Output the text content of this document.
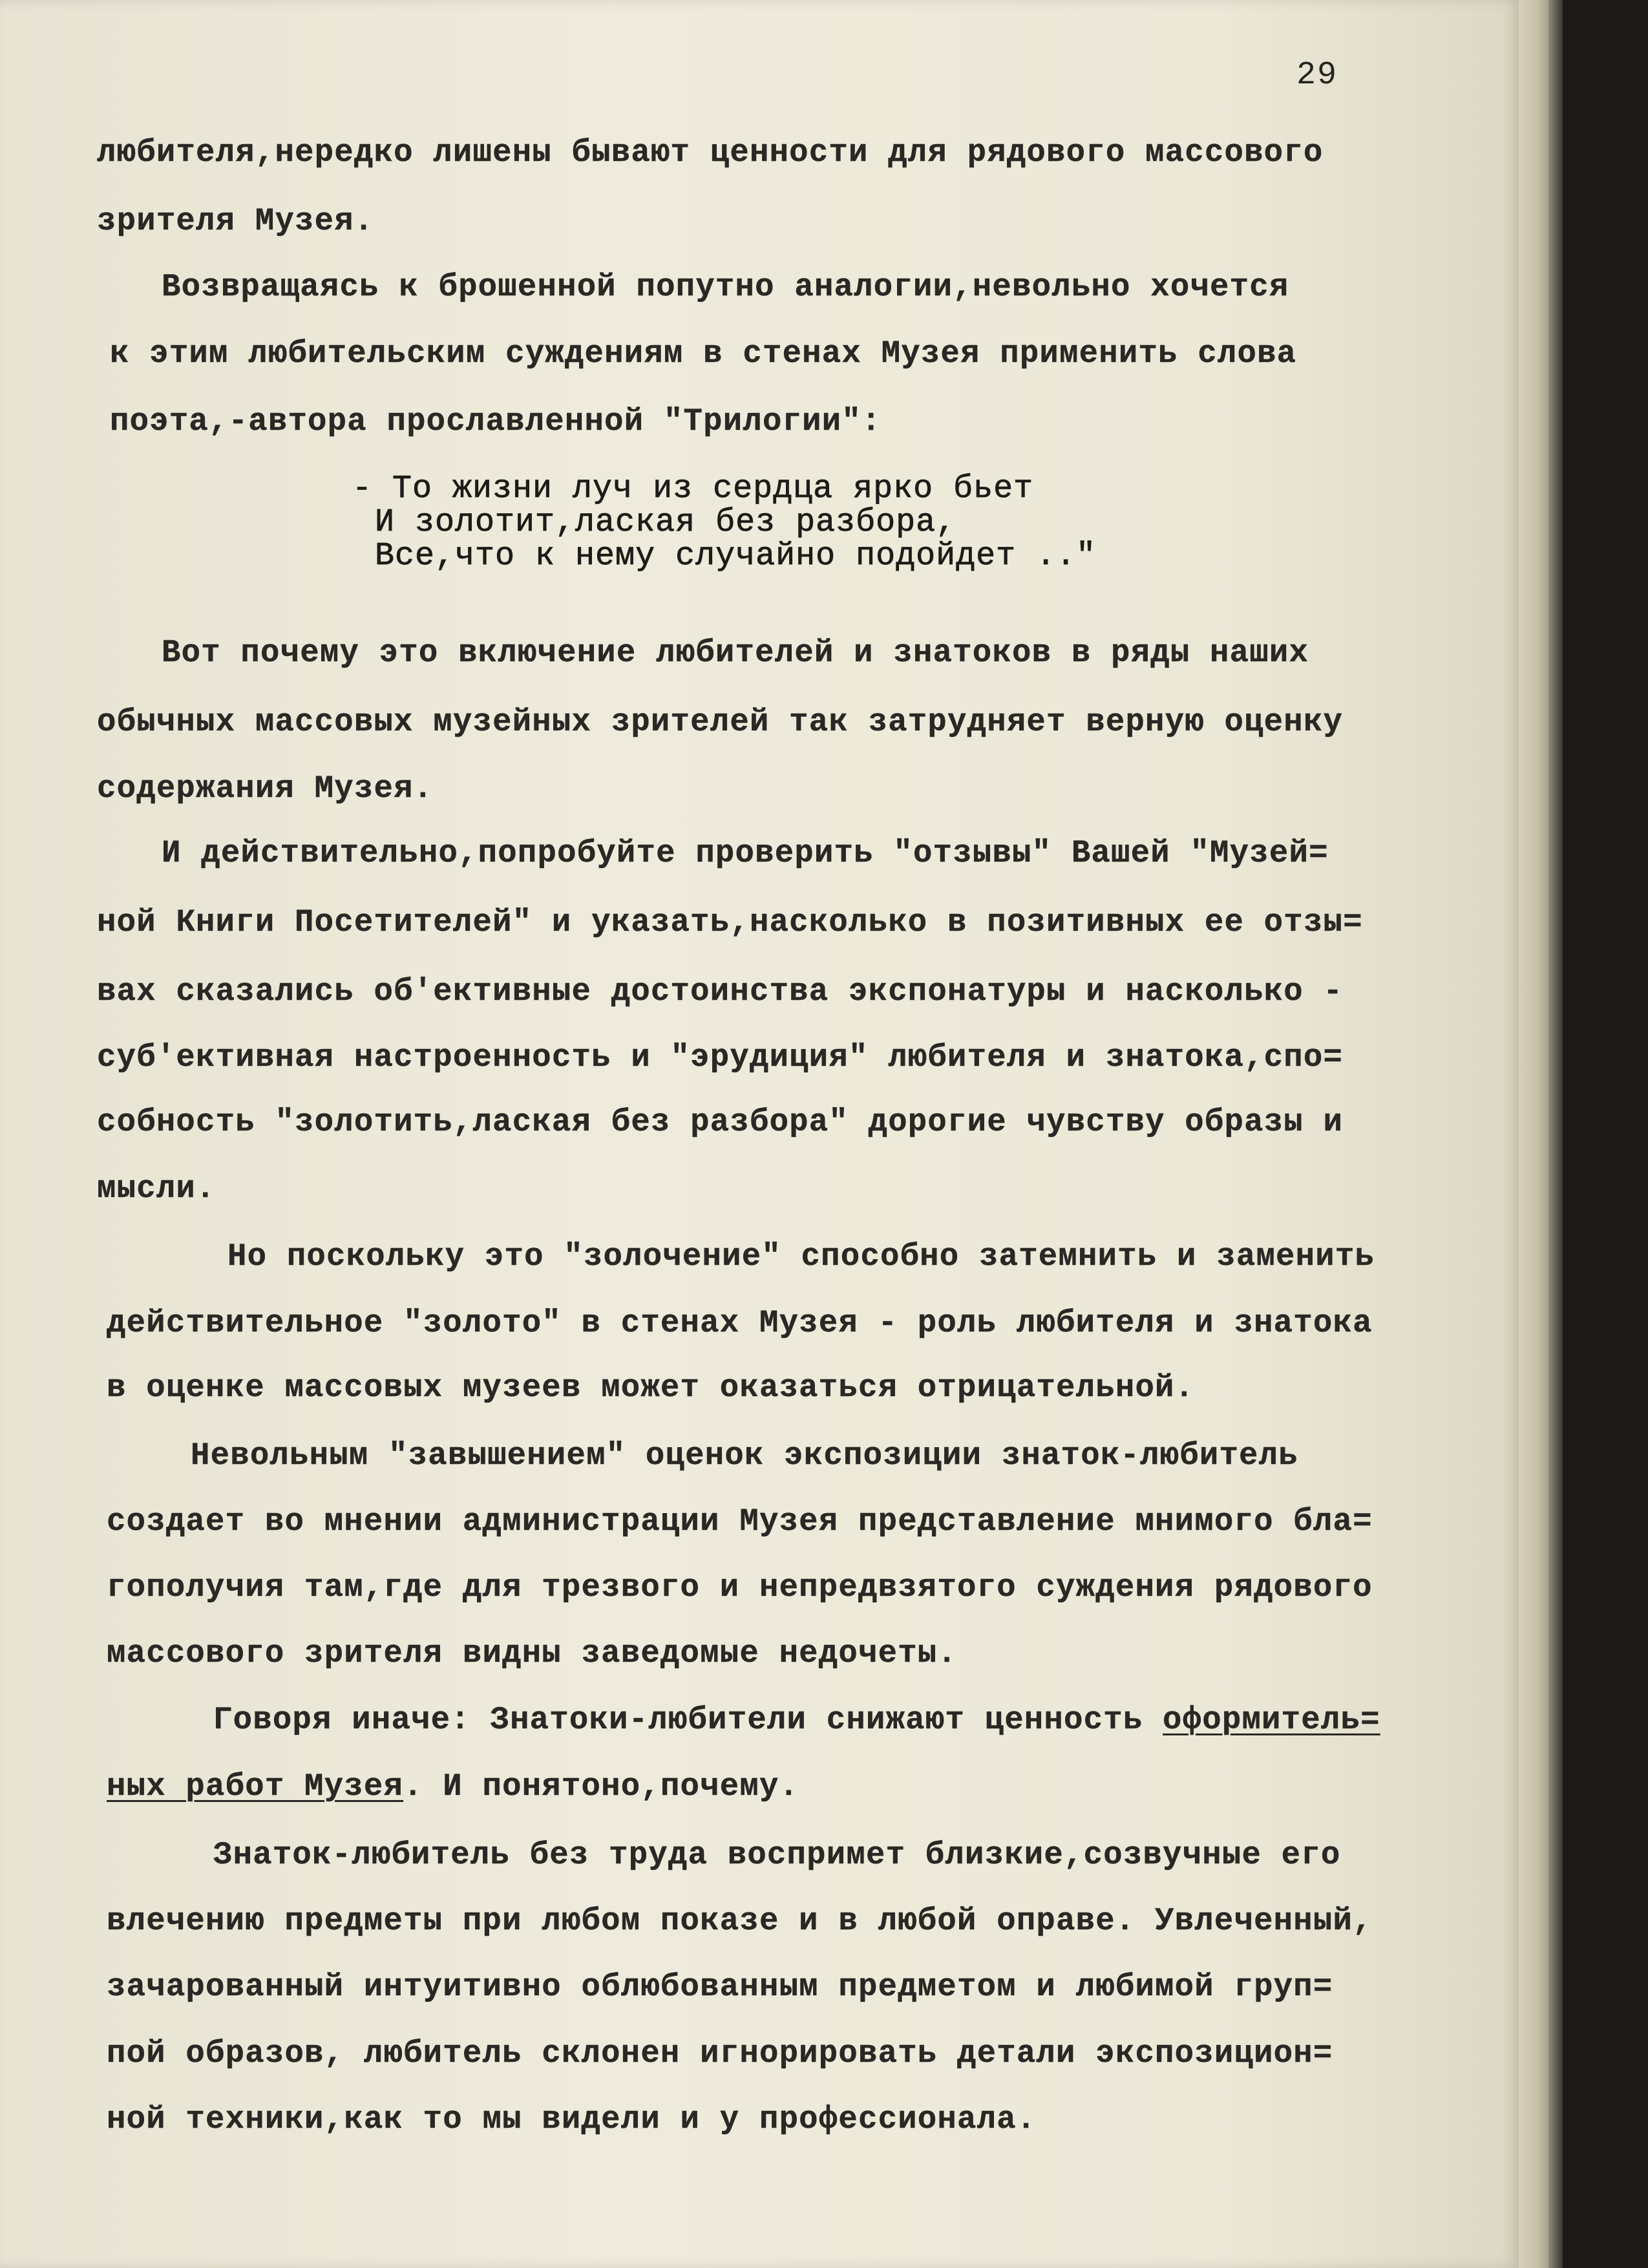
29
любителя,нередко лишены бывают ценности для рядового массового
зрителя Музея.
Возвращаясь к брошенной попутно аналогии,невольно хочется
к этим любительским суждениям в стенах Музея применить слова
поэта,-автора прославленной "Трилогии":
- То жизни луч из сердца ярко бьет
И золотит,лаская без разбора,
Все,что к нему случайно подойдет .."
Вот почему это включение любителей и знатоков в ряды наших
обычных массовых музейных зрителей так затрудняет верную оценку
содержания Музея.
И действительно,попробуйте проверить "отзывы" Вашей "Музей=
ной Книги Посетителей" и указать,насколько в позитивных ее отзы=
вах сказались об'ективные достоинства экспонатуры и насколько -
суб'ективная настроенность и "эрудиция" любителя и знатока,спо=
собность "золотить,лаская без разбора" дорогие чувству образы и
мысли.
Но поскольку это "золочение" способно затемнить и заменить
действительное "золото" в стенах Музея - роль любителя и знатока
в оценке массовых музеев может оказаться отрицательной.
Невольным "завышением" оценок экспозиции знаток-любитель
создает во мнении администрации Музея представление мнимого бла=
гополучия там,где для трезвого и непредвзятого суждения рядового
массового зрителя видны заведомые недочеты.
Говоря иначе: Знатоки-любители снижают ценность оформитель=
ных работ Музея. И понятоно,почему.
Знаток-любитель без труда воспримет близкие,созвучные его
влечению предметы при любом показе и в любой оправе. Увлеченный,
зачарованный интуитивно облюбованным предметом и любимой груп=
пой образов, любитель склонен игнорировать детали экспозицион=
ной техники,как то мы видели и у профессионала.
